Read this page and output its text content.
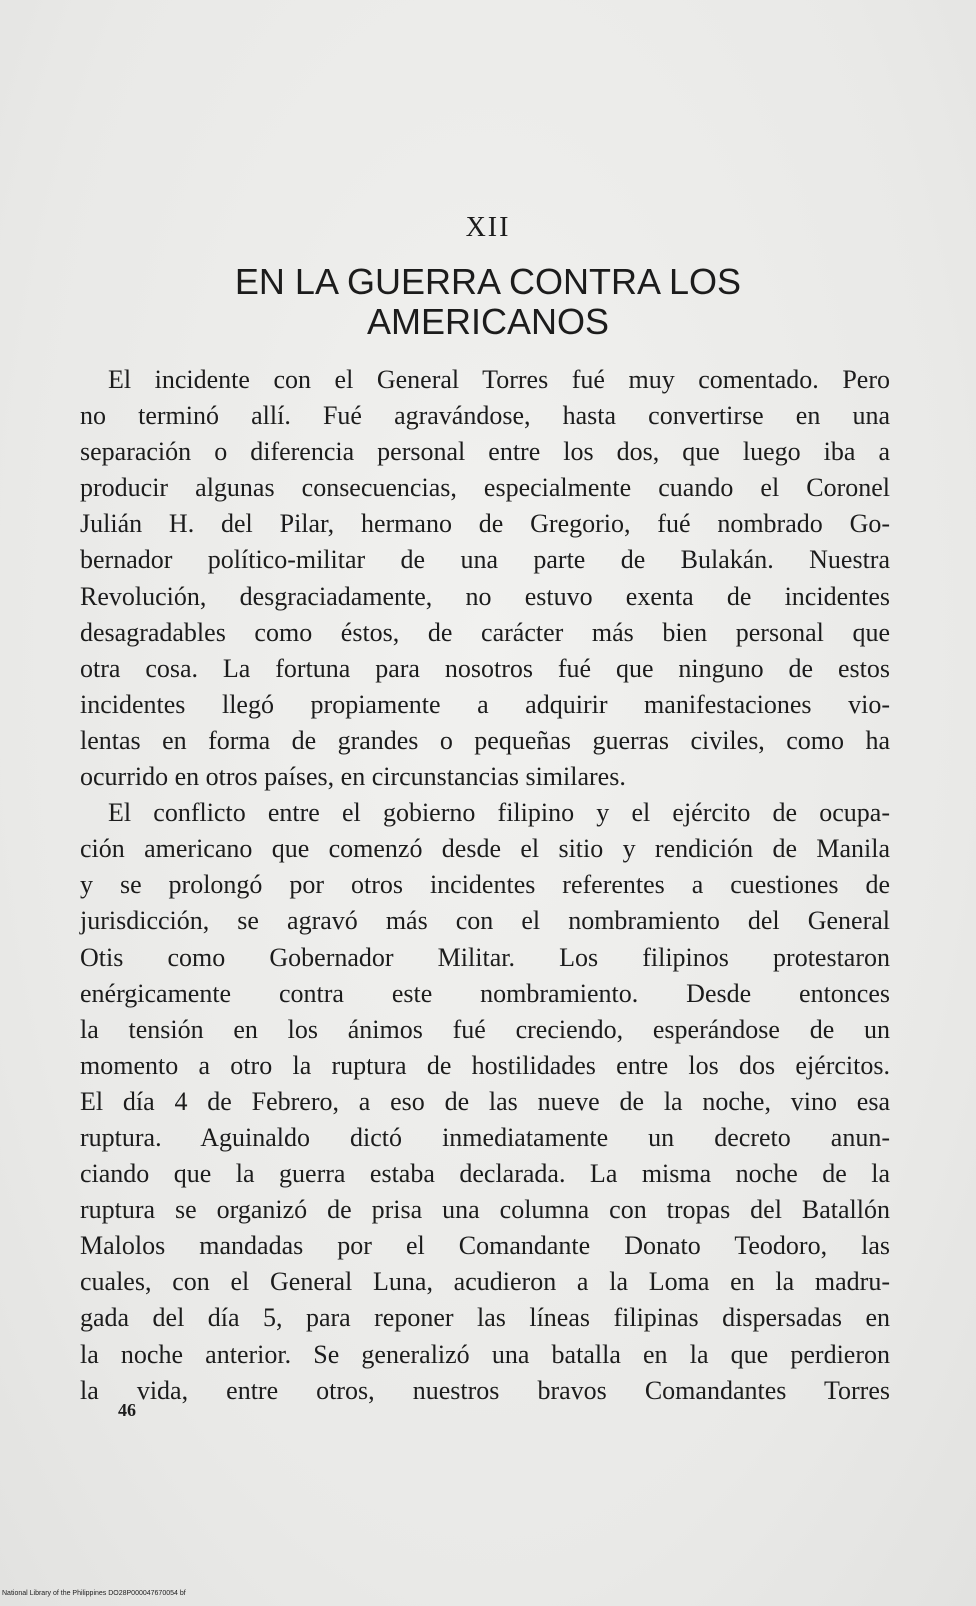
XII
EN LA GUERRA CONTRA LOS
AMERICANOS
El incidente con el General Torres fué muy comentado. Pero
no terminó allí. Fué agravándose, hasta convertirse en una
separación o diferencia personal entre los dos, que luego iba a
producir algunas consecuencias, especialmente cuando el Coronel
Julián H. del Pilar, hermano de Gregorio, fué nombrado Go-
bernador político-militar de una parte de Bulakán. Nuestra
Revolución, desgraciadamente, no estuvo exenta de incidentes
desagradables como éstos, de carácter más bien personal que
otra cosa. La fortuna para nosotros fué que ninguno de estos
incidentes llegó propiamente a adquirir manifestaciones vio-
lentas en forma de grandes o pequeñas guerras civiles, como ha
ocurrido en otros países, en circunstancias similares.
El conflicto entre el gobierno filipino y el ejército de ocupa-
ción americano que comenzó desde el sitio y rendición de Manila
y se prolongó por otros incidentes referentes a cuestiones de
jurisdicción, se agravó más con el nombramiento del General
Otis como Gobernador Militar. Los filipinos protestaron
enérgicamente contra este nombramiento. Desde entonces
la tensión en los ánimos fué creciendo, esperándose de un
momento a otro la ruptura de hostilidades entre los dos ejércitos.
El día 4 de Febrero, a eso de las nueve de la noche, vino esa
ruptura. Aguinaldo dictó inmediatamente un decreto anun-
ciando que la guerra estaba declarada. La misma noche de la
ruptura se organizó de prisa una columna con tropas del Batallón
Malolos mandadas por el Comandante Donato Teodoro, las
cuales, con el General Luna, acudieron a la Loma en la madru-
gada del día 5, para reponer las líneas filipinas dispersadas en
la noche anterior. Se generalizó una batalla en la que perdieron
la vida, entre otros, nuestros bravos Comandantes Torres
46
National Library of the Philippines DO28P000047670054 bf
